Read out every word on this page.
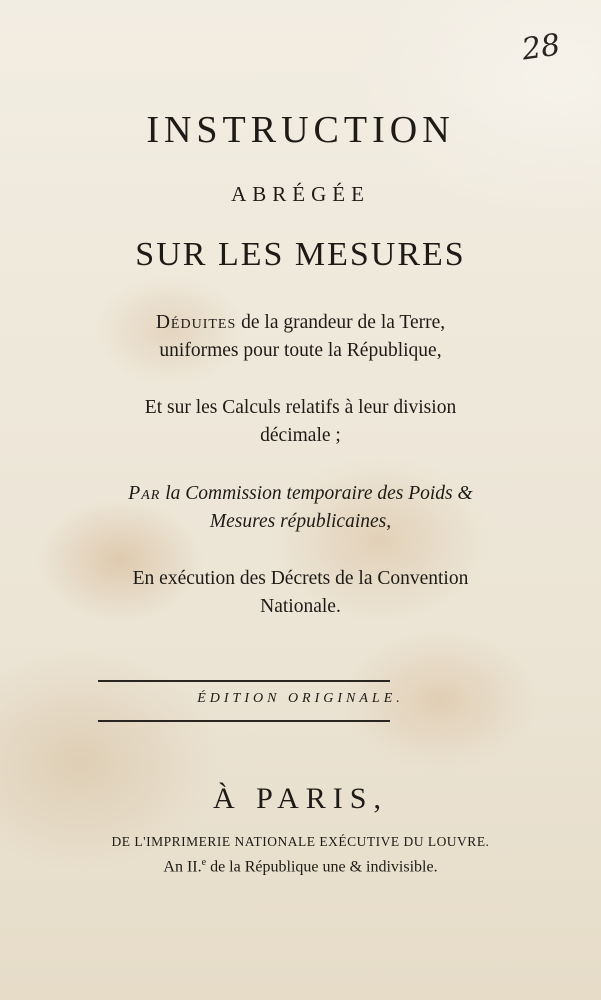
28
INSTRUCTION
ABRÉGÉE
SUR LES MESURES
Déduites de la grandeur de la Terre,
uniformes pour toute la République,
Et sur les Calculs relatifs à leur division
décimale ;
Par la Commission temporaire des Poids &
Mesures républicaines,
En exécution des Décrets de la Convention
Nationale.
ÉDITION ORIGINALE.
À PARIS,
DE L'IMPRIMERIE NATIONALE EXÉCUTIVE DU LOUVRE.
An II.$^e$ de la République une & indivisible.
